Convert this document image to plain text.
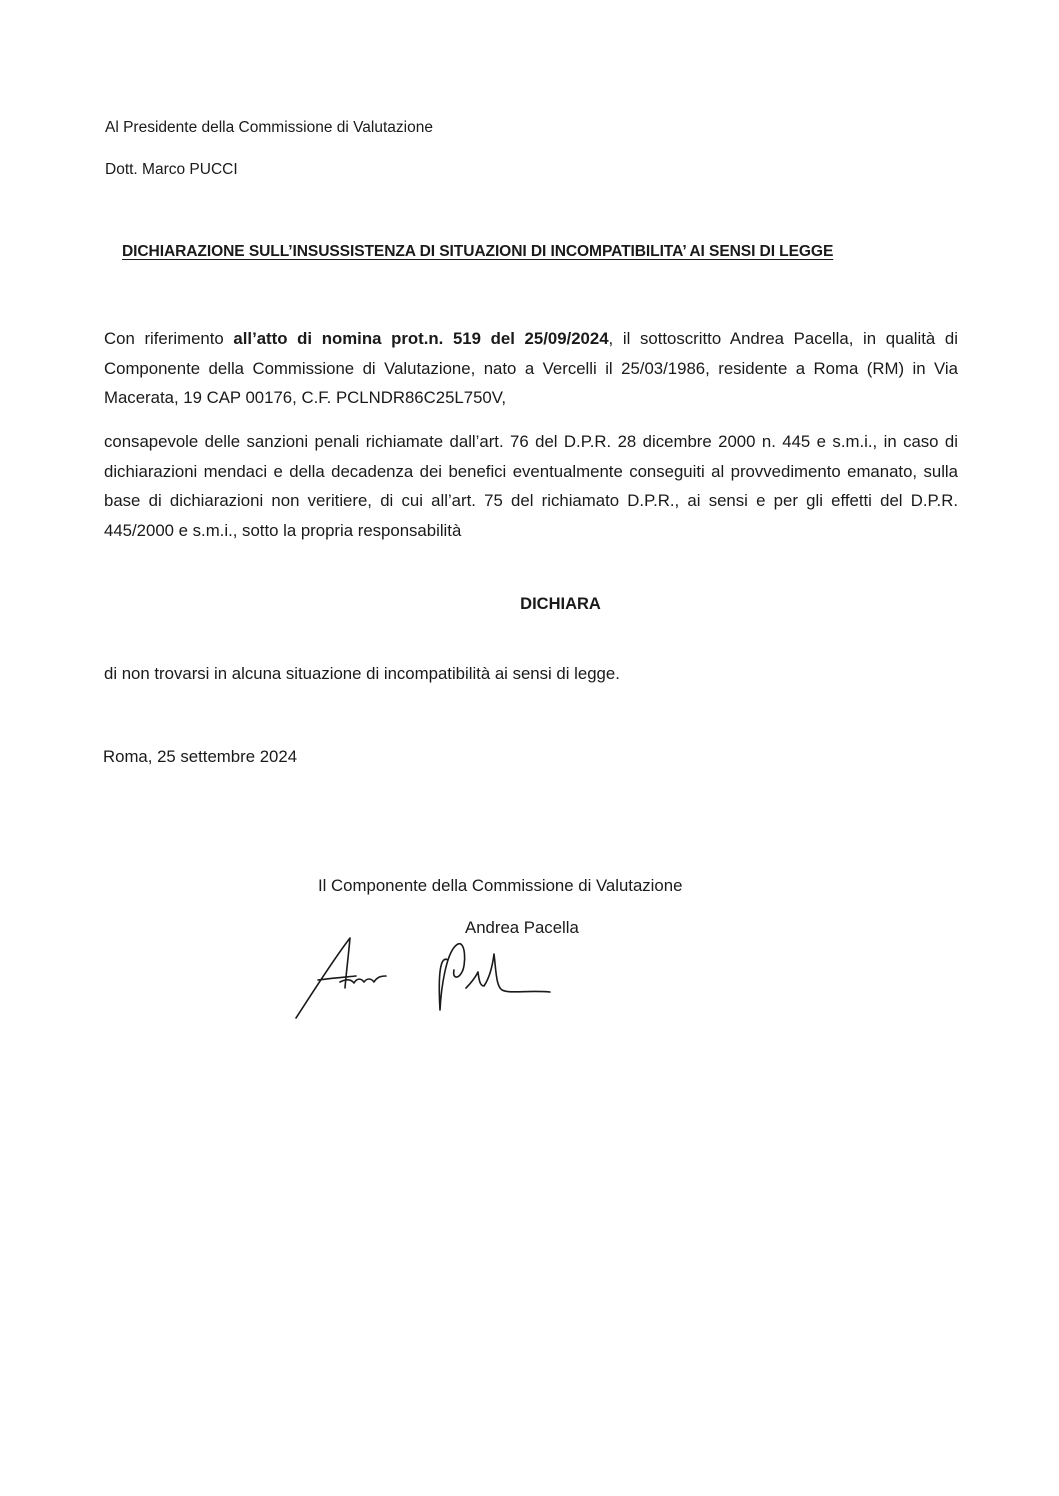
Al Presidente della Commissione di Valutazione

Dott. Marco PUCCI

DICHIARAZIONE SULL’INSUSSISTENZA DI SITUAZIONI DI INCOMPATIBILITA’ AI SENSI DI LEGGE

Con riferimento all’atto di nomina prot.n. 519 del 25/09/2024, il sottoscritto Andrea Pacella, in qualità di Componente della Commissione di Valutazione, nato a Vercelli il 25/03/1986, residente a Roma (RM) in Via Macerata, 19 CAP 00176, C.F. PCLNDR86C25L750V,

consapevole delle sanzioni penali richiamate dall’art. 76 del D.P.R. 28 dicembre 2000 n. 445 e s.m.i., in caso di dichiarazioni mendaci e della decadenza dei benefici eventualmente conseguiti al provvedimento emanato, sulla base di dichiarazioni non veritiere, di cui all’art. 75 del richiamato D.P.R., ai sensi e per gli effetti del D.P.R. 445/2000 e s.m.i., sotto la propria responsabilità

DICHIARA

di non trovarsi in alcuna situazione di incompatibilità ai sensi di legge.

Roma, 25 settembre 2024

Il Componente della Commissione di Valutazione

Andrea Pacella
